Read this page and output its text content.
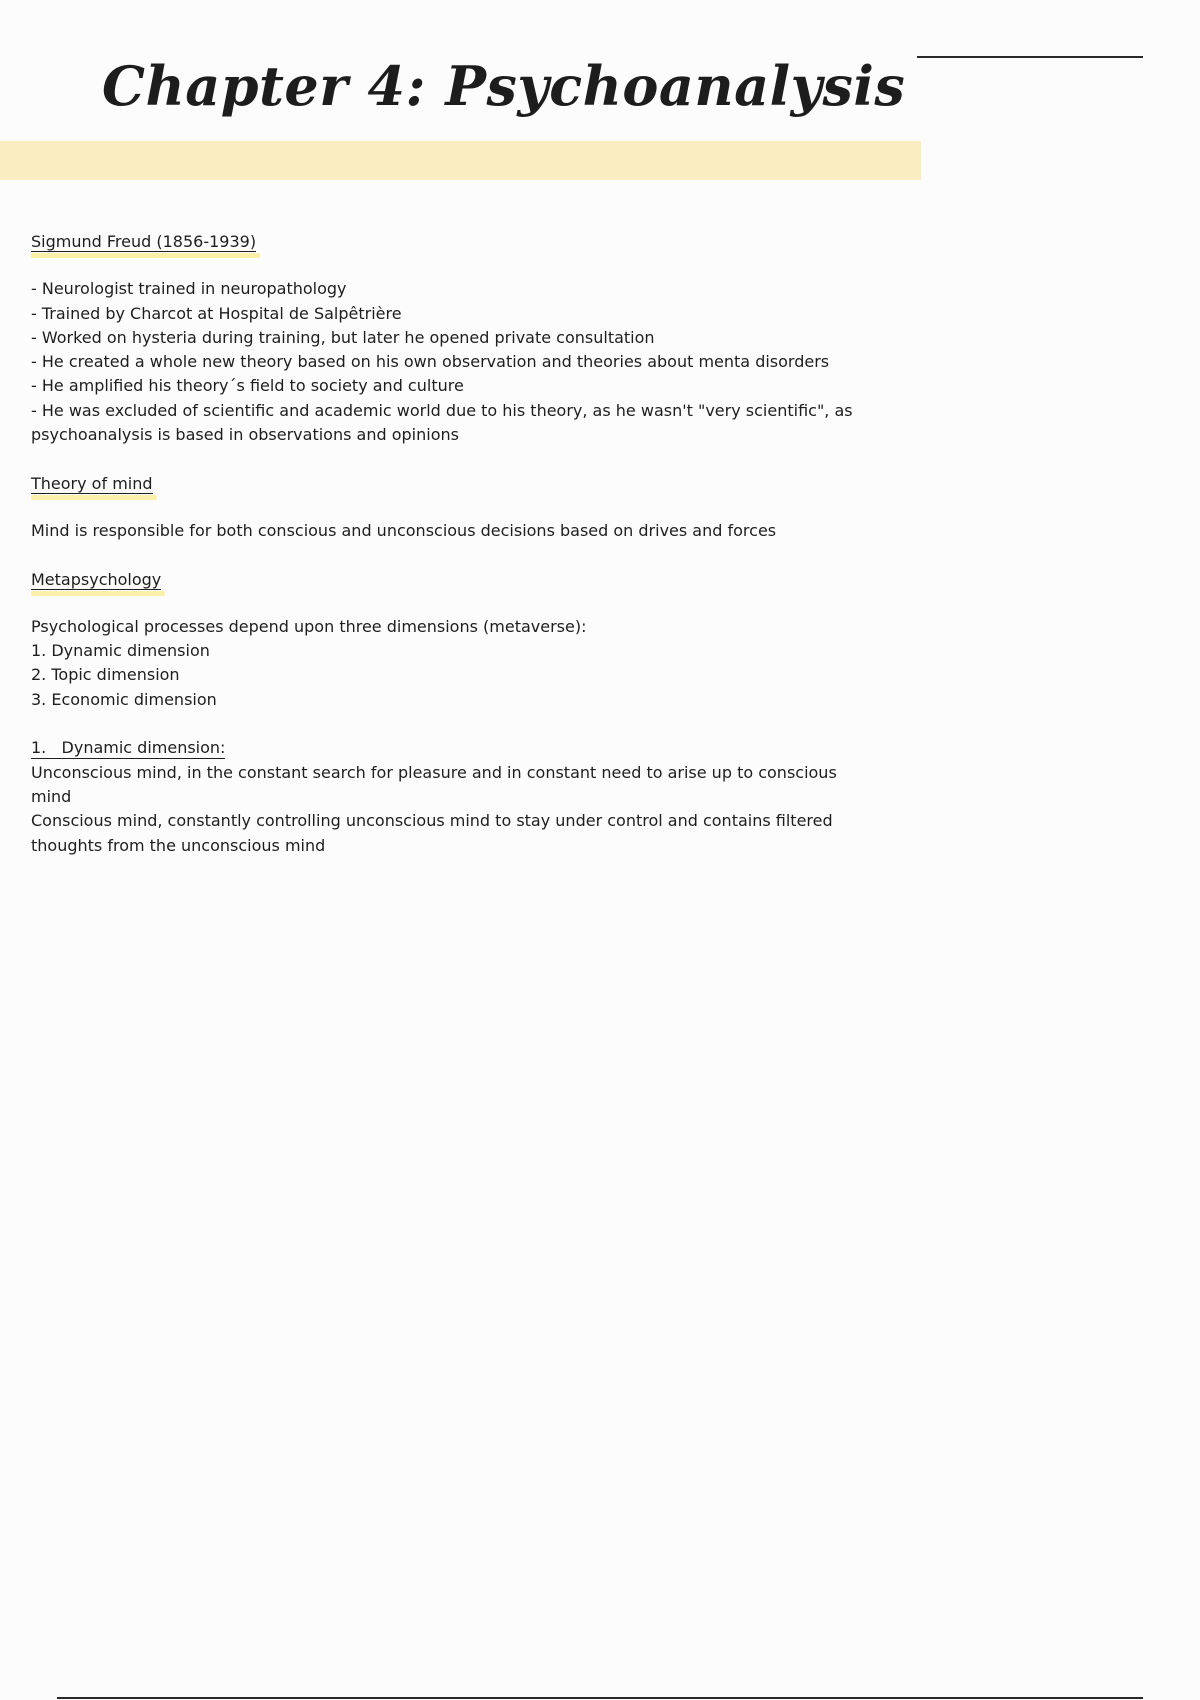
Chapter 4: Psychoanalysis
Sigmund Freud (1856-1939)
- Neurologist trained in neuropathology
- Trained by Charcot at Hospital de Salpêtrière
- Worked on hysteria during training, but later he opened private consultation
- He created a whole new theory based on his own observation and theories about menta disorders
- He amplified his theory´s field to society and culture
- He was excluded of scientific and academic world due to his theory, as he wasn't "very scientific", as
psychoanalysis is based in observations and opinions
Theory of mind
Mind is responsible for both conscious and unconscious decisions based on drives and forces
Metapsychology
Psychological processes depend upon three dimensions (metaverse):
1. Dynamic dimension
2. Topic dimension
3. Economic dimension
1.   Dynamic dimension:
Unconscious mind, in the constant search for pleasure and in constant need to arise up to conscious
mind
Conscious mind, constantly controlling unconscious mind to stay under control and contains filtered
thoughts from the unconscious mind
